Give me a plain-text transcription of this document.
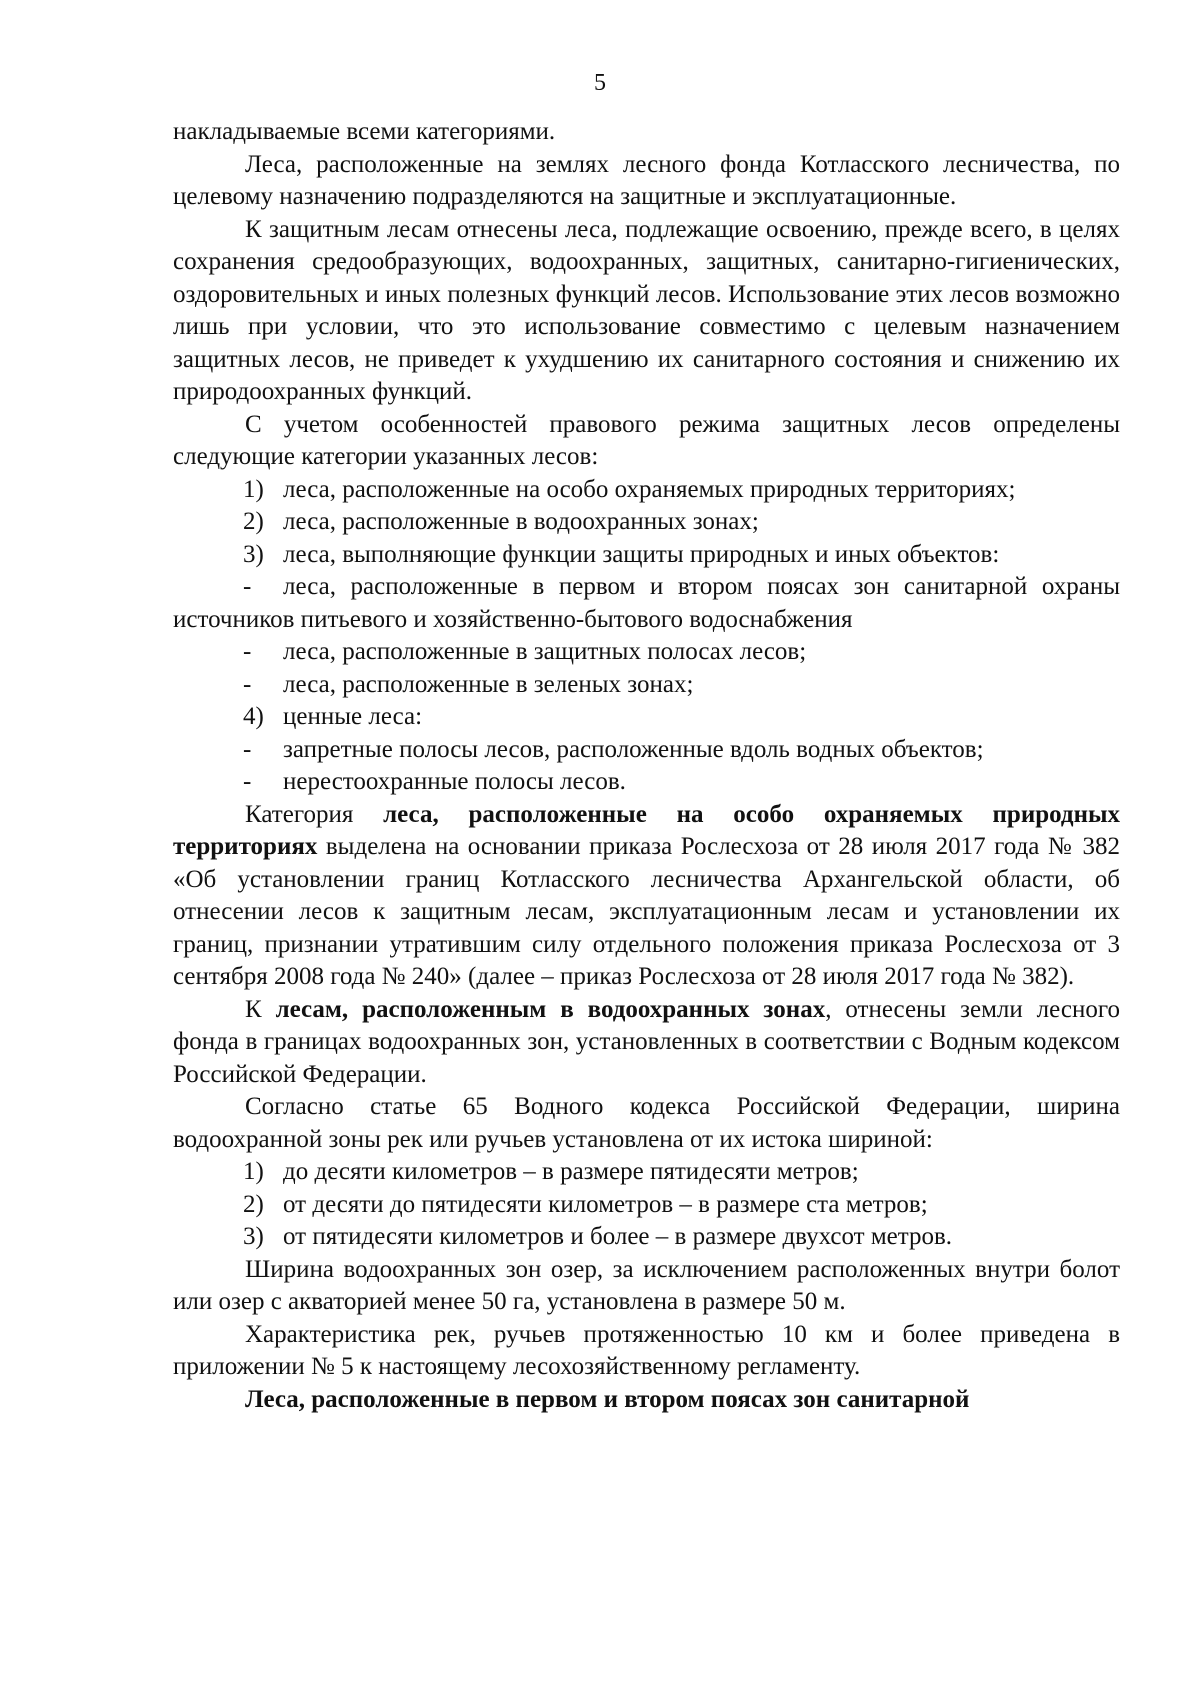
5

накладываемые всеми категориями.

Леса, расположенные на землях лесного фонда Котласского лесничества, по целевому назначению подразделяются на защитные и эксплуатационные.

К защитным лесам отнесены леса, подлежащие освоению, прежде всего, в целях сохранения средообразующих, водоохранных, защитных, санитарно-гигиенических, оздоровительных и иных полезных функций лесов. Использование этих лесов возможно лишь при условии, что это использование совместимо с целевым назначением защитных лесов, не приведет к ухудшению их санитарного состояния и снижению их природоохранных функций.

С учетом особенностей правового режима защитных лесов определены следующие категории указанных лесов:

1) леса, расположенные на особо охраняемых природных территориях;

2) леса, расположенные в водоохранных зонах;

3) леса, выполняющие функции защиты природных и иных объектов:

- леса, расположенные в первом и втором поясах зон санитарной охраны источников питьевого и хозяйственно-бытового водоснабжения

-	леса, расположенные в защитных полосах лесов;

-	леса, расположенные в зеленых зонах;

4) ценные леса:

-	запретные полосы лесов, расположенные вдоль водных объектов;

-	нерестоохранные полосы лесов.

Категория леса, расположенные на особо охраняемых природных территориях выделена на основании приказа Рослесхоза от 28 июля 2017 года № 382 «Об установлении границ Котласского лесничества Архангельской области, об отнесении лесов к защитным лесам, эксплуатационным лесам и установлении их границ, признании утратившим силу отдельного положения приказа Рослесхоза от 3 сентября 2008 года № 240» (далее – приказ Рослесхоза от 28 июля 2017 года № 382).

К лесам, расположенным в водоохранных зонах, отнесены земли лесного фонда в границах водоохранных зон, установленных в соответствии с Водным кодексом Российской Федерации.

Согласно статье 65 Водного кодекса Российской Федерации, ширина водоохранной зоны рек или ручьев установлена от их истока шириной:

1) до десяти километров – в размере пятидесяти метров;

2) от десяти до пятидесяти километров – в размере ста метров;

3) от пятидесяти километров и более – в размере двухсот метров.

Ширина водоохранных зон озер, за исключением расположенных внутри болот или озер с акваторией менее 50 га, установлена в размере 50 м.

Характеристика рек, ручьев протяженностью 10 км и более приведена в приложении № 5 к настоящему лесохозяйственному регламенту.

Леса, расположенные в первом и втором поясах зон санитарной
